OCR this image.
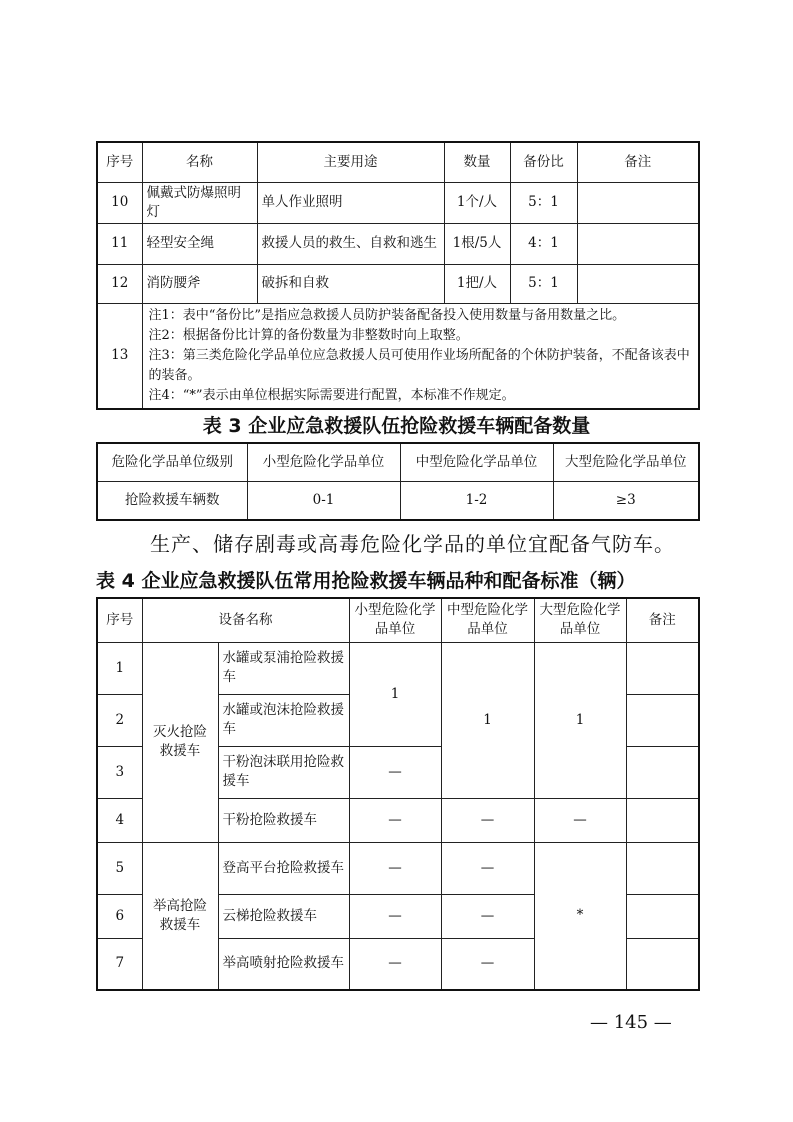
序号	名称	主要用途	数量	备份比	备注
10	佩戴式防爆照明灯	单人作业照明	1个/人	5：1	
11	轻型安全绳	救援人员的救生、自救和逃生	1根/5人	4：1	
12	消防腰斧	破拆和自救	1把/人	5：1	
13	注1：表中“备份比”是指应急救援人员防护装备配备投入使用数量与备用数量之比。
注2：根据备份比计算的备份数量为非整数时向上取整。
注3：第三类危险化学品单位应急救援人员可使用作业场所配备的个休防护装备，不配备该表中的装备。
注4：“*”表示由单位根据实际需要进行配置，本标准不作规定。				

表 3 企业应急救援队伍抢险救援车辆配备数量

危险化学品单位级别	小型危险化学品单位	中型危险化学品单位	大型危险化学品单位
抢险救援车辆数	0-1	1-2	≥3

生产、储存剧毒或高毒危险化学品的单位宜配备气防车。

表 4 企业应急救援队伍常用抢险救援车辆品种和配备标准（辆）

序号	设备名称		小型危险化学品单位	中型危险化学品单位	大型危险化学品单位	备注
1	灭火抢险救援车	水罐或泵浦抢险救援车	1	1	1	
2		水罐或泡沫抢险救援车				
3		干粉泡沫联用抢险救援车	—			
4		干粉抢险救援车	—	—	—	
5	举高抢险救援车	登高平台抢险救援车	—	—	*	
6		云梯抢险救援车	—	—		
7		举高喷射抢险救援车	—	—		

— 145 —
